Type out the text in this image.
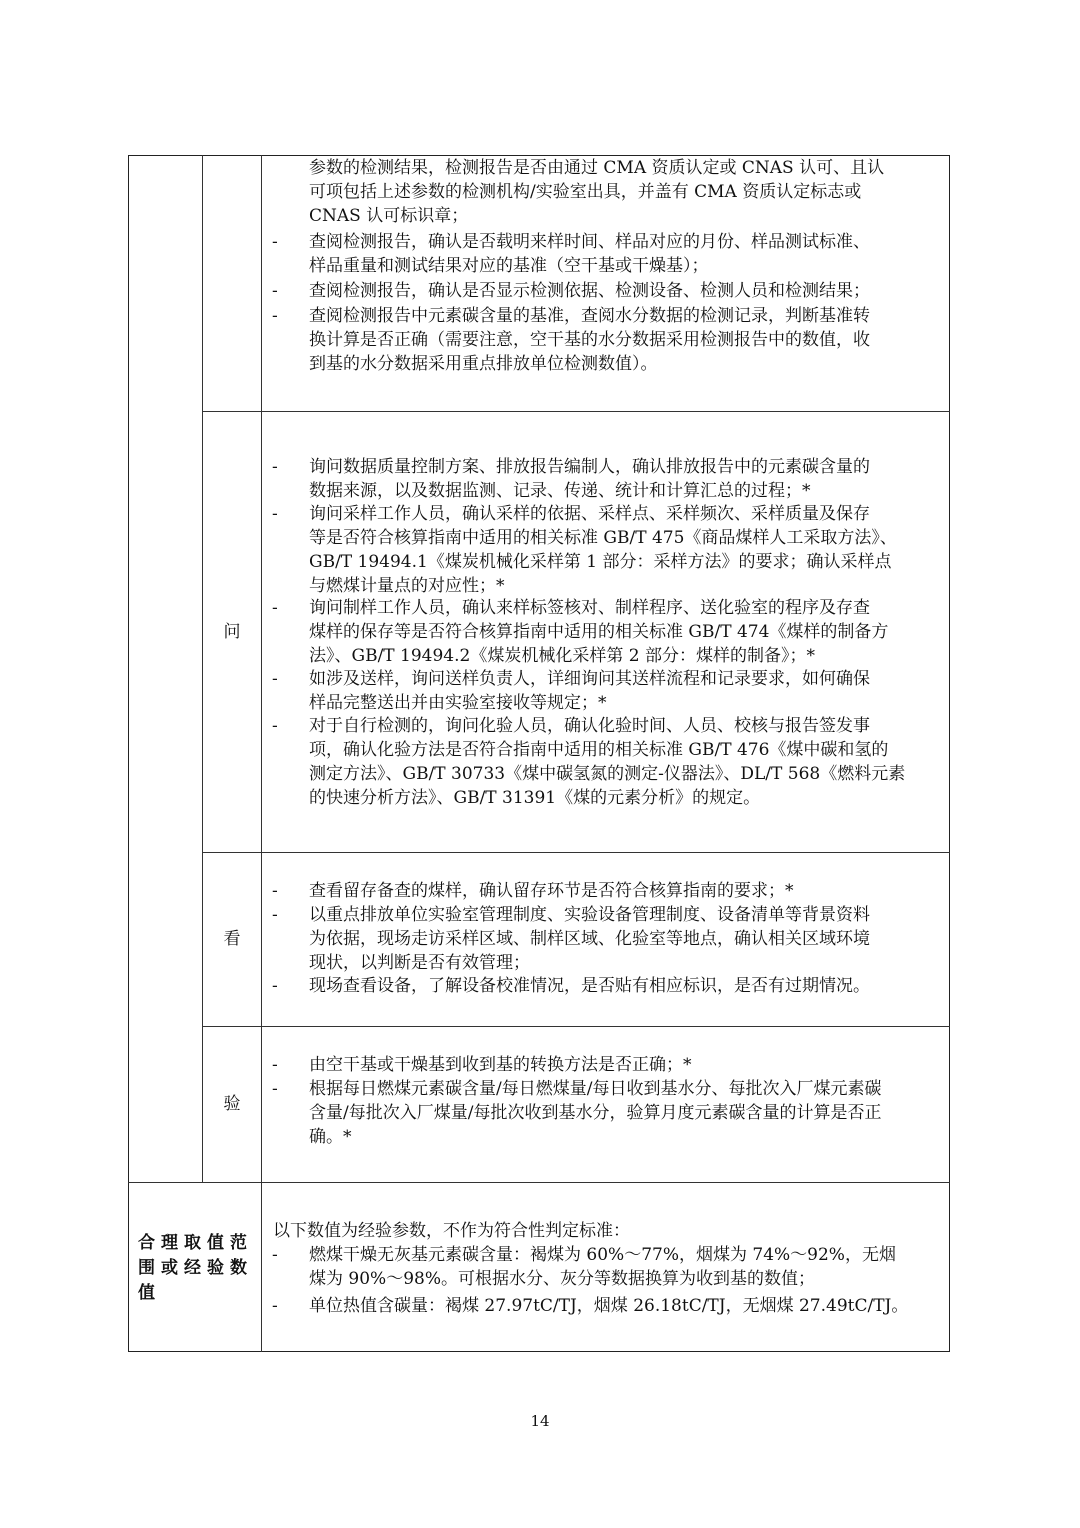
参数的检测结果，检测报告是否由通过 CMA 资质认定或 CNAS 认可、且认
可项包括上述参数的检测机构/实验室出具，并盖有 CMA 资质认定标志或
CNAS 认可标识章；
- 查阅检测报告，确认是否载明来样时间、样品对应的月份、样品测试标准、
样品重量和测试结果对应的基准（空干基或干燥基）；
- 查阅检测报告，确认是否显示检测依据、检测设备、检测人员和检测结果；
- 查阅检测报告中元素碳含量的基准，查阅水分数据的检测记录，判断基准转
换计算是否正确（需要注意，空干基的水分数据采用检测报告中的数值，收
到基的水分数据采用重点排放单位检测数值）。
问
- 询问数据质量控制方案、排放报告编制人，确认排放报告中的元素碳含量的
数据来源，以及数据监测、记录、传递、统计和计算汇总的过程；*
- 询问采样工作人员，确认采样的依据、采样点、采样频次、采样质量及保存
等是否符合核算指南中适用的相关标准 GB/T 475《商品煤样人工采取方法》、
GB/T 19494.1《煤炭机械化采样第 1 部分：采样方法》的要求；确认采样点
与燃煤计量点的对应性；*
- 询问制样工作人员，确认来样标签核对、制样程序、送化验室的程序及存查
煤样的保存等是否符合核算指南中适用的相关标准 GB/T 474《煤样的制备方
法》、GB/T 19494.2《煤炭机械化采样第 2 部分：煤样的制备》；*
- 如涉及送样，询问送样负责人，详细询问其送样流程和记录要求，如何确保
样品完整送出并由实验室接收等规定；*
- 对于自行检测的，询问化验人员，确认化验时间、人员、校核与报告签发事
项，确认化验方法是否符合指南中适用的相关标准 GB/T 476《煤中碳和氢的
测定方法》、GB/T 30733《煤中碳氢氮的测定-仪器法》、DL/T 568《燃料元素
的快速分析方法》、GB/T 31391《煤的元素分析》的规定。
看
- 查看留存备查的煤样，确认留存环节是否符合核算指南的要求；*
- 以重点排放单位实验室管理制度、实验设备管理制度、设备清单等背景资料
为依据，现场走访采样区域、制样区域、化验室等地点，确认相关区域环境
现状，以判断是否有效管理；
- 现场查看设备，了解设备校准情况，是否贴有相应标识，是否有过期情况。
验
- 由空干基或干燥基到收到基的转换方法是否正确；*
- 根据每日燃煤元素碳含量/每日燃煤量/每日收到基水分、每批次入厂煤元素碳
含量/每批次入厂煤量/每批次收到基水分，验算月度元素碳含量的计算是否正
确。*
合理取值范
围或经验数
值
以下数值为经验参数，不作为符合性判定标准：
- 燃煤干燥无灰基元素碳含量：褐煤为 60%～77%，烟煤为 74%～92%，无烟
煤为 90%～98%。可根据水分、灰分等数据换算为收到基的数值；
- 单位热值含碳量：褐煤 27.97tC/TJ，烟煤 26.18tC/TJ，无烟煤 27.49tC/TJ。
14
